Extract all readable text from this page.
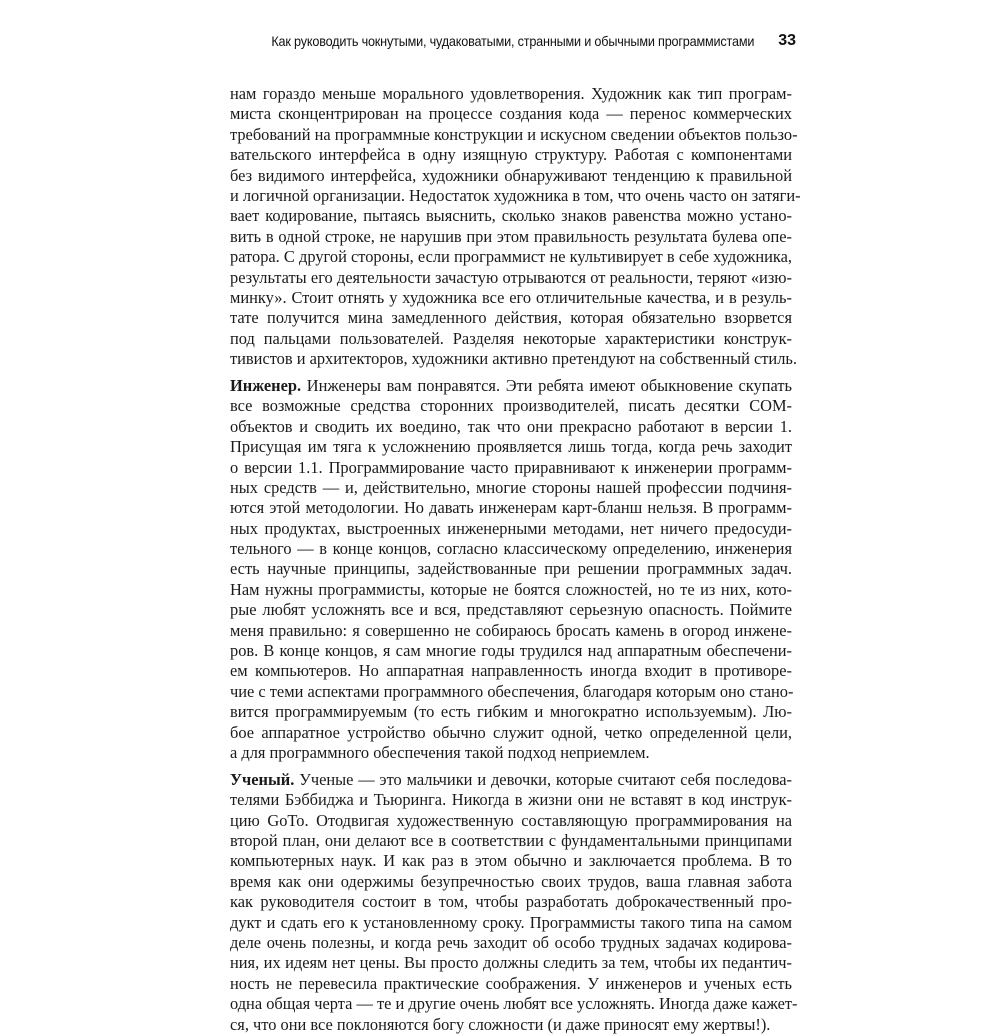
Как руководить чокнутыми, чудаковатыми, странными и обычными программистами 33
нам гораздо меньше морального удовлетворения. Художник как тип програм-
миста сконцентрирован на процессе создания кода — перенос коммерческих
требований на программные конструкции и искусном сведении объектов пользо-
вательского интерфейса в одну изящную структуру. Работая с компонентами
без видимого интерфейса, художники обнаруживают тенденцию к правильной
и логичной организации. Недостаток художника в том, что очень часто он затяги-
вает кодирование, пытаясь выяснить, сколько знаков равенства можно устано-
вить в одной строке, не нарушив при этом правильность результата булева опе-
ратора. С другой стороны, если программист не культивирует в себе художника,
результаты его деятельности зачастую отрываются от реальности, теряют «изю-
минку». Стоит отнять у художника все его отличительные качества, и в резуль-
тате получится мина замедленного действия, которая обязательно взорвется
под пальцами пользователей. Разделяя некоторые характеристики конструк-
тивистов и архитекторов, художники активно претендуют на собственный стиль.
Инженер. Инженеры вам понравятся. Эти ребята имеют обыкновение скупать
все возможные средства сторонних производителей, писать десятки COM-
объектов и сводить их воедино, так что они прекрасно работают в версии 1.
Присущая им тяга к усложнению проявляется лишь тогда, когда речь заходит
о версии 1.1. Программирование часто приравнивают к инженерии программ-
ных средств — и, действительно, многие стороны нашей профессии подчиня-
ются этой методологии. Но давать инженерам карт-бланш нельзя. В программ-
ных продуктах, выстроенных инженерными методами, нет ничего предосуди-
тельного — в конце концов, согласно классическому определению, инженерия
есть научные принципы, задействованные при решении программных задач.
Нам нужны программисты, которые не боятся сложностей, но те из них, кото-
рые любят усложнять все и вся, представляют серьезную опасность. Поймите
меня правильно: я совершенно не собираюсь бросать камень в огород инжене-
ров. В конце концов, я сам многие годы трудился над аппаратным обеспечени-
ем компьютеров. Но аппаратная направленность иногда входит в противоре-
чие с теми аспектами программного обеспечения, благодаря которым оно стано-
вится программируемым (то есть гибким и многократно используемым). Лю-
бое аппаратное устройство обычно служит одной, четко определенной цели,
а для программного обеспечения такой подход неприемлем.
Ученый. Ученые — это мальчики и девочки, которые считают себя последова-
телями Бэббиджа и Тьюринга. Никогда в жизни они не вставят в код инструк-
цию GoTo. Отодвигая художественную составляющую программирования на
второй план, они делают все в соответствии с фундаментальными принципами
компьютерных наук. И как раз в этом обычно и заключается проблема. В то
время как они одержимы безупречностью своих трудов, ваша главная забота
как руководителя состоит в том, чтобы разработать доброкачественный про-
дукт и сдать его к установленному сроку. Программисты такого типа на самом
деле очень полезны, и когда речь заходит об особо трудных задачах кодирова-
ния, их идеям нет цены. Вы просто должны следить за тем, чтобы их педантич-
ность не перевесила практические соображения. У инженеров и ученых есть
одна общая черта — те и другие очень любят все усложнять. Иногда даже кажет-
ся, что они все поклоняются богу сложности (и даже приносят ему жертвы!).
